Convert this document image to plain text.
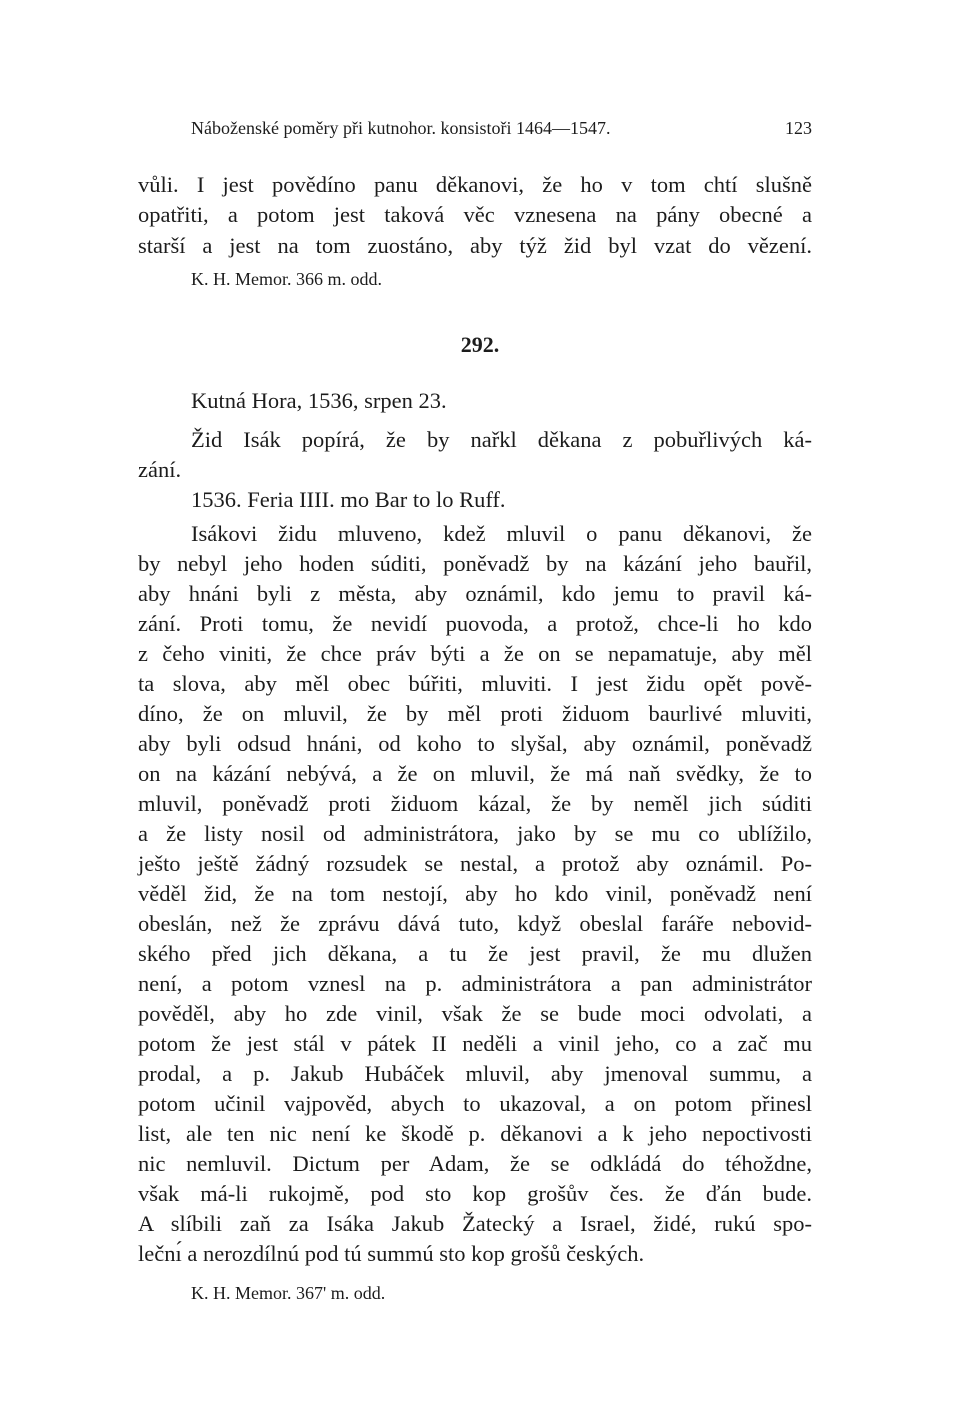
Náboženské poměry při kutnohor. konsistoři 1464—1547.	123
vůli. I jest povědíno panu děkanovi, že ho v tom chtí slušně
opatřiti, a potom jest taková věc vznesena na pány obecné a
starší a jest na tom zuostáno, aby týž žid byl vzat do vězení.
K. H. Memor. 366 m. odd.
292.
Kutná Hora, 1536, srpen 23.
Žid Isák popírá, že by nařkl děkana z pobuřlivých ká-
zání.
1536. Feria IIII. mo Bar to lo Ruff.
Isákovi židu mluveno, kdež mluvil o panu děkanovi, že
by nebyl jeho hoden súditi, poněvadž by na kázání jeho bauřil,
aby hnáni byli z města, aby oznámil, kdo jemu to pravil ká-
zání. Proti tomu, že nevidí puovoda, a protož, chce-li ho kdo
z čeho viniti, že chce práv býti a že on se nepamatuje, aby měl
ta slova, aby měl obec búřiti, mluviti. I jest židu opět pově-
díno, že on mluvil, že by měl proti židuom baurlivé mluviti,
aby byli odsud hnáni, od koho to slyšal, aby oznámil, poněvadž
on na kázání nebývá, a že on mluvil, že má naň svědky, že to
mluvil, poněvadž proti židuom kázal, že by neměl jich súditi
a že listy nosil od administrátora, jako by se mu co ublížilo,
ješto ještě žádný rozsudek se nestal, a protož aby oznámil. Po-
věděl žid, že na tom nestojí, aby ho kdo vinil, poněvadž není
obeslán, než že zprávu dává tuto, když obeslal faráře nebovid-
ského před jich děkana, a tu že jest pravil, že mu dlužen
není, a potom vznesl na p. administrátora a pan administrátor
pověděl, aby ho zde vinil, však že se bude moci odvolati, a
potom že jest stál v pátek II neděli a vinil jeho, co a zač mu
prodal, a p. Jakub Hubáček mluvil, aby jmenoval summu, a
potom učinil vajpověd, abych to ukazoval, a on potom přinesl
list, ale ten nic není ke škodě p. děkanovi a k jeho nepoctivosti
nic nemluvil. Dictum per Adam, že se odkládá do téhoždne,
však má-li rukojmě, pod sto kop grošův čes. že ďán bude.
A slíbili zaň za Isáka Jakub Žatecký a Israel, židé, rukú spo-
lečnı́ a nerozdílnú pod tú summú sto kop grošů českých.
K. H. Memor. 367' m. odd.
